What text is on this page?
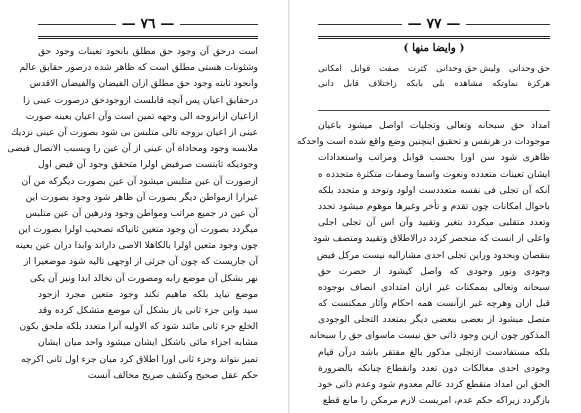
— ٧٦ —
است درحق آن وجود حق مطلق بانحود تعینات وجود حق
وشئونات هستی مطلق است که ظاهر شده درصور حقایق عالم
وانحود ثابته وجود حق مطلق ازان الفیضان والفیضان الاقدس
درحقایق اعیان پس آنچه قابلست ازوجودحق درصورت عینی زا
ازاعیان ازانروجه الی وجهه تمین است وآن اعیان بعینه صورت
عینی از اعیان بروجه تالی متلبس بی شود بصورت آن عینی نزدیك
ملابسه وجود ومحاذاة آن عینی از آن عین را وبسبب الاتصال فیضی
وجودیکه ثابتست صرفیض اولرا متحقق وجود آن فیض اول
ازصورت آن عین متلبس میشود آن عین بصورت دیگرکه من آن
غیرارا ازمواطن دیگر بصورت آن ظاهر شود وجود بصورت این
آن عین در جمیع مراتب ومواطن وجود ودرهین آن عین متلبس
میگردد بصورت آن وجود متعین ثانیاکه تصحیب اولرا بصورت این
چون وجود متعین اولرا بالکاهلا الاصی داراند وابدا دران عین بعینه
آن جاریست که چون آن جزئی از اوجهی تالیه شود موضعیرا از
نهر بشکل آن موضع رابه ومصورت آن نخالد ابدا ونیز آن یکی
موضع تیاپد بلکه ماهیم نکند وجود متعین مجرد ازجود
سید وابن جزء ثانی یاز بشکل آن موضع متشکل کرده وقد
الخلع جزء ثانی مائند شود که الاولیه آنرا متعدد بلکه ملحق بکون
مشابه اجزاء مائی باشکل ایشان میشود واحد میان ایشان
تمیز نتواند وجزء ثانی اورا اطلاق کرد میان جزء اول ثانی اکرچه
حکم عقل صحیح وکشف صریح مخالف آنست
— ٧٧ —
( وایضا منها )
حق وحدانی
وليش حق وحدانی
کثرت
صفت
قوابل
امکانی
هرکرة
نماوتکه
مشاهده
بلی
بابکه
زاختلاف
قابل
دانی
امداد حق سبحانه وتعالی وتجلیات اواصل میشود باعیان
موجودات در هرنفس و تحقیق اینچنین وضع واقع شده است واحدکه
ظاهری شود سن اورا بحسب قوابل ومراتب واستعدادات
ایشان تعینات متعدده ونعوت واسما وصفات متکثرة متجدده ه
آنکه آن تجلی فی نفسه متعددست اولود وتوحد و متجدد بلکه
باحوال امکانات چون تقدم و تأخر وغیرها موهوم میشود تجدد
وتعدد متقلبی میکردد بتغیر وتقیید وآن اس آن تجلی اجلی
واعلی از انست که منحصر کردد درالاطلاق وتقیید ومتصف شود
بنقصان وبحدود وراین تجلی احدی مشارالیه نیست مرکل فیض
وجودی ونور وجودی که واصل کیشود از حضرت حق
سبحانه وتعالی بممکنات غیر ازان امتدادی انصاف بوجوده
قبل ازان وهرچه غیر ازآنست همه احکام وآثار ممکنست که
متصل میشود از بعضی ببعضی دیگر بمتعدد التجلی الوجودی
المذکور چون ازین وجود ذاتی حق نیست ماسوای حق را سبحانه
بلکه مستفادست ازتجلی مذکور بالغ مفتقر باشد درآن قیام
وجودی احدی معالکات دون تعدد وانقطاع چنانکه بالضرورة
الحق ابن امداد منقطع کردد عالم معدوم شود وعدم ذاتی خود
بازگردد زیراکه حکم عدم، امریست لازم مرمکن را مانع قطع
